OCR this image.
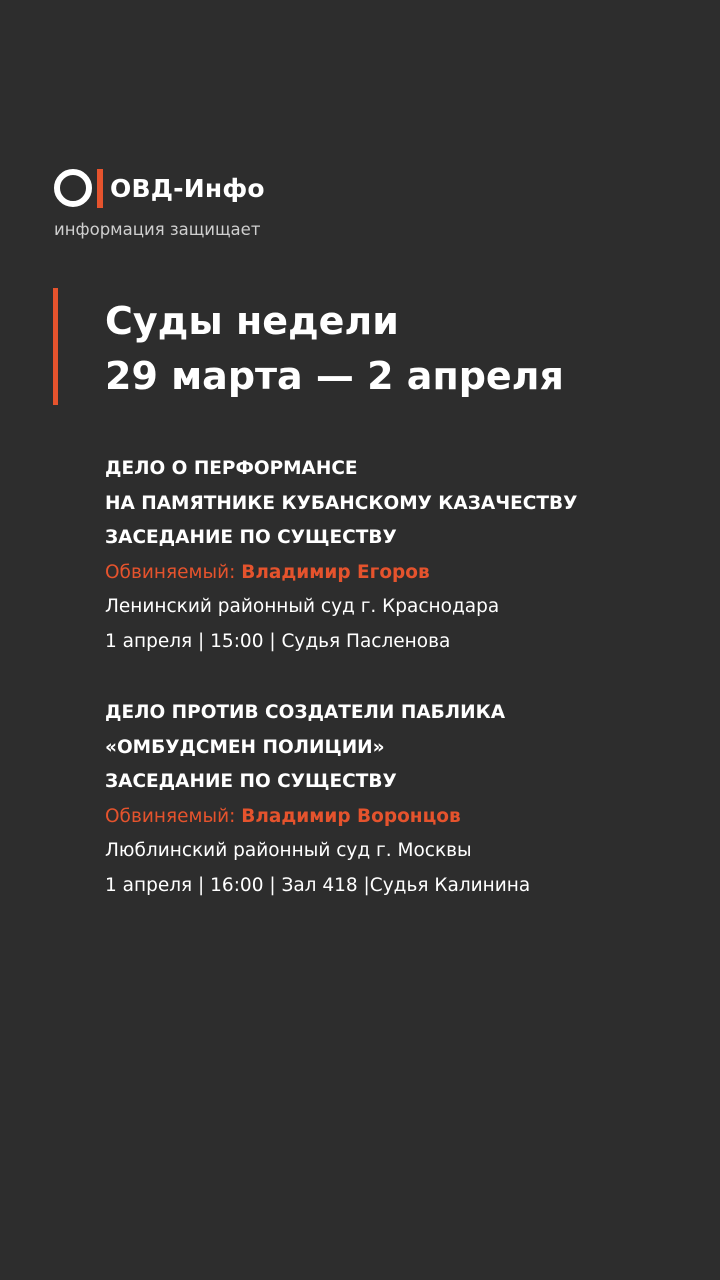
ОВД-Инфо
информация защищает
Суды недели
29 марта — 2 апреля
ДЕЛО О ПЕРФОРМАНСЕ
НА ПАМЯТНИКЕ КУБАНСКОМУ КАЗАЧЕСТВУ
ЗАСЕДАНИЕ ПО СУЩЕСТВУ
Обвиняемый: Владимир Егоров
Ленинский районный суд г. Краснодара
1 апреля | 15:00 | Судья Пасленова
ДЕЛО ПРОТИВ СОЗДАТЕЛИ ПАБЛИКА
«ОМБУДСМЕН ПОЛИЦИИ»
ЗАСЕДАНИЕ ПО СУЩЕСТВУ
Обвиняемый: Владимир Воронцов
Люблинский районный суд г. Москвы
1 апреля | 16:00 | Зал 418 |Судья Калинина
